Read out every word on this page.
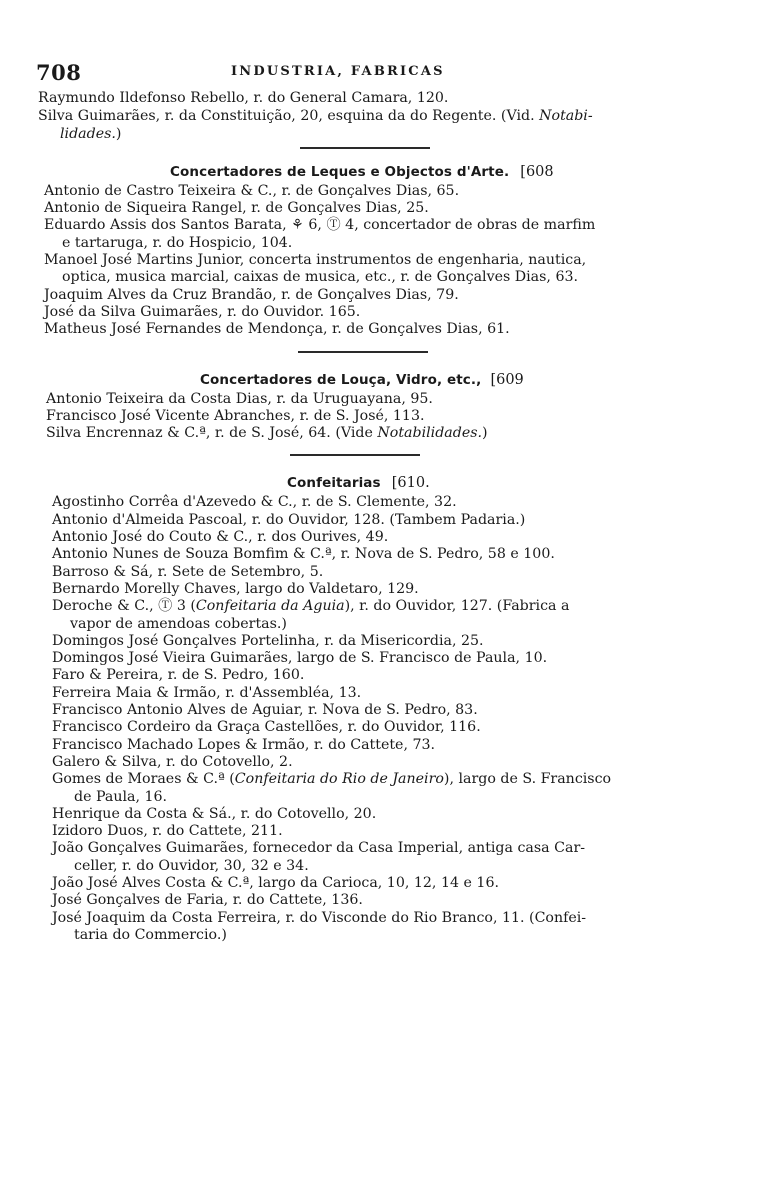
708	INDUSTRIA, FABRICAS

Raymundo Ildefonso Rebello, r. do General Camara, 120.

Silva Guimarães, r. da Constituição, 20, esquina da do Regente. (Vid. Notabi-
lidades.)

Concertadores de Leques e Objectos d'Arte. [608

Antonio de Castro Teixeira & C., r. de Gonçalves Dias, 65.

Antonio de Siqueira Rangel, r. de Gonçalves Dias, 25.

Eduardo Assis dos Santos Barata, ⚘ 6, Ⓣ 4, concertador de obras de marfim
e tartaruga, r. do Hospicio, 104.

Manoel José Martins Junior, concerta instrumentos de engenharia, nautica,
optica, musica marcial, caixas de musica, etc., r. de Gonçalves Dias, 63.

Joaquim Alves da Cruz Brandão, r. de Gonçalves Dias, 79.

José da Silva Guimarães, r. do Ouvidor. 165.

Matheus José Fernandes de Mendonça, r. de Gonçalves Dias, 61.

Concertadores de Louça, Vidro, etc., [609

Antonio Teixeira da Costa Dias, r. da Uruguayana, 95.

Francisco José Vicente Abranches, r. de S. José, 113.

Silva Encrennaz & C.ª, r. de S. José, 64. (Vide Notabilidades.)

Confeitarias [610.

Agostinho Corrêa d'Azevedo & C., r. de S. Clemente, 32.

Antonio d'Almeida Pascoal, r. do Ouvidor, 128. (Tambem Padaria.)

Antonio José do Couto & C., r. dos Ourives, 49.

Antonio Nunes de Souza Bomfim & C.ª, r. Nova de S. Pedro, 58 e 100.

Barroso & Sá, r. Sete de Setembro, 5.

Bernardo Morelly Chaves, largo do Valdetaro, 129.

Deroche & C., Ⓣ 3 (Confeitaria da Aguia), r. do Ouvidor, 127. (Fabrica a
vapor de amendoas cobertas.)

Domingos José Gonçalves Portelinha, r. da Misericordia, 25.

Domingos José Vieira Guimarães, largo de S. Francisco de Paula, 10.

Faro & Pereira, r. de S. Pedro, 160.

Ferreira Maia & Irmão, r. d'Assembléa, 13.

Francisco Antonio Alves de Aguiar, r. Nova de S. Pedro, 83.

Francisco Cordeiro da Graça Castellões, r. do Ouvidor, 116.

Francisco Machado Lopes & Irmão, r. do Cattete, 73.

Galero & Silva, r. do Cotovello, 2.

Gomes de Moraes & C.ª (Confeitaria do Rio de Janeiro), largo de S. Francisco
de Paula, 16.

Henrique da Costa & Sá., r. do Cotovello, 20.

Izidoro Duos, r. do Cattete, 211.

João Gonçalves Guimarães, fornecedor da Casa Imperial, antiga casa Car-
celler, r. do Ouvidor, 30, 32 e 34.

João José Alves Costa & C.ª, largo da Carioca, 10, 12, 14 e 16.

José Gonçalves de Faria, r. do Cattete, 136.

José Joaquim da Costa Ferreira, r. do Visconde do Rio Branco, 11. (Confei-
taria do Commercio.)
